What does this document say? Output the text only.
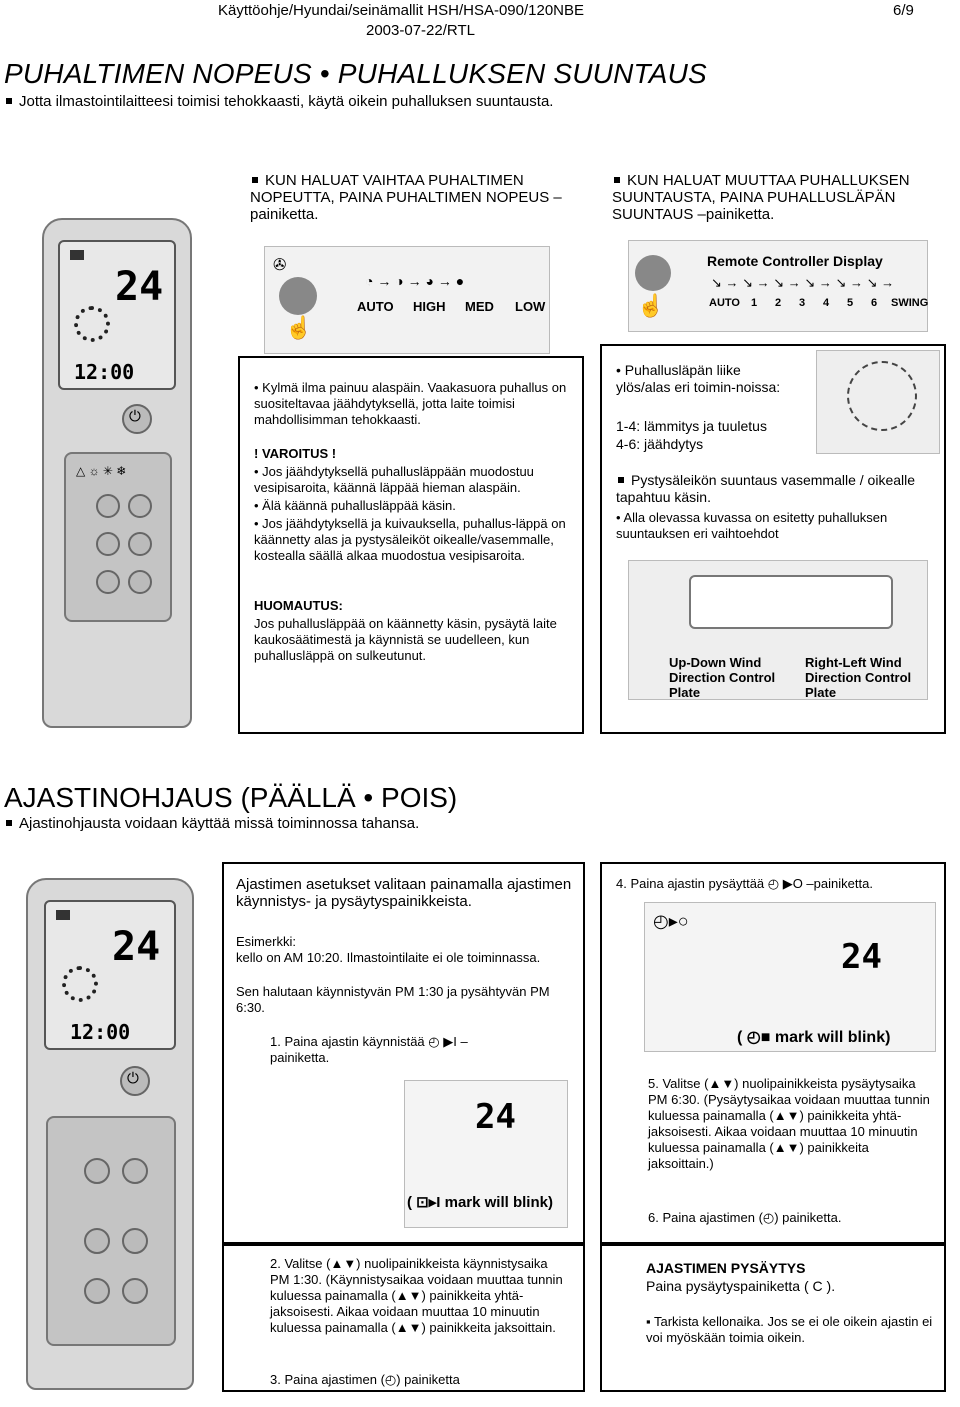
Käyttöohje/Hyundai/seinämallit HSH/HSA-090/120NBE
2003-07-22/RTL
6/9
PUHALTIMEN NOPEUS • PUHALLUKSEN SUUNTAUS
Jotta ilmastointilaitteesi toimisi tehokkaasti, käytä oikein puhalluksen suuntausta.
24
12:00
⏻
△ ☼ ✳ ❄
✇
☝
AUTO HIGH MED LOW
◔ → ◑ → ◕ → ●
☝
Remote Controller Display
↘ → ↘ → ↘ → ↘ → ↘ → ↘ →
AUTO 1 2 3 4 5 6 SWING
KUN HALUAT VAIHTAA PUHALTIMEN NOPEUTTA, PAINA PUHALTIMEN NOPEUS –painiketta.
KUN HALUAT MUUTTAA PUHALLUKSEN SUUNTAUSTA, PAINA PUHALLUSLÄPÄN SUUNTAUS –painiketta.
• Kylmä ilma painuu alaspäin. Vaakasuora puhallus on suositeltavaa jäähdytyksellä, jotta laite toimisi mahdollisimman tehokkaasti.
! VAROITUS !
• Jos jäähdytyksellä puhallusläppään muodostuu vesipisaroita, käännä läppää hieman alaspäin.
• Älä käännä puhallusläppää käsin.
• Jos jäähdytyksellä ja kuivauksella, puhallus-läppä on käännetty alas ja pystysäleiköt oikealle/vasemmalle, kostealla säällä alkaa muodostua vesipisaroita.
HUOMAUTUS:
Jos puhallusläppää on käännetty käsin, pysäytä laite kaukosäätimestä ja käynnistä se uudelleen, kun puhallusläppä on sulkeutunut.
• Puhallusläpän liike ylös/alas eri toimin-noissa:
1-4: lämmitys ja tuuletus
4-6: jäähdytys
Pystysäleikön suuntaus vasemmalle / oikealle tapahtuu käsin.
• Alla olevassa kuvassa on esitetty puhalluksen suuntauksen eri vaihtoehdot
Up-Down Wind Direction Control Plate
Right-Left Wind Direction Control Plate
AJASTINOHJAUS (PÄÄLLÄ • POIS)
Ajastinohjausta voidaan käyttää missä toiminnossa tahansa.
24
12:00
⏻
Ajastimen asetukset valitaan painamalla ajastimen käynnistys- ja pysäytyspainikkeista.
Esimerkki:
kello on AM 10:20. Ilmastointilaite ei ole toiminnassa.
Sen halutaan käynnistyvän PM 1:30 ja pysähtyvän PM 6:30.
1. Paina ajastin käynnistää ◴ ▶I – painiketta.
24
( ⊡▸I mark will blink)
2. Valitse (▲▼) nuolipainikkeista käynnistysaika PM 1:30. (Käynnistysaikaa voidaan muuttaa tunnin kuluessa painamalla (▲▼) painikkeita yhtä-jaksoisesti. Aikaa voidaan muuttaa 10 minuutin kuluessa painamalla (▲▼) painikkeita jaksoittain.
3. Paina ajastimen (◴) painiketta
4. Paina ajastin pysäyttää ◴ ▶O –painiketta.
◴▸○
24
( ◴■ mark will blink)
5. Valitse (▲▼) nuolipainikkeista pysäytysaika PM 6:30. (Pysäytysaikaa voidaan muuttaa tunnin kuluessa painamalla (▲▼) painikkeita yhtä-jaksoisesti. Aikaa voidaan muuttaa 10 minuutin kuluessa painamalla (▲▼) painikkeita jaksoittain.)
6. Paina ajastimen (◴) painiketta.
AJASTIMEN PYSÄYTYS
Paina pysäytyspainiketta ( C ).
▪ Tarkista kellonaika. Jos se ei ole oikein ajastin ei voi myöskään toimia oikein.
